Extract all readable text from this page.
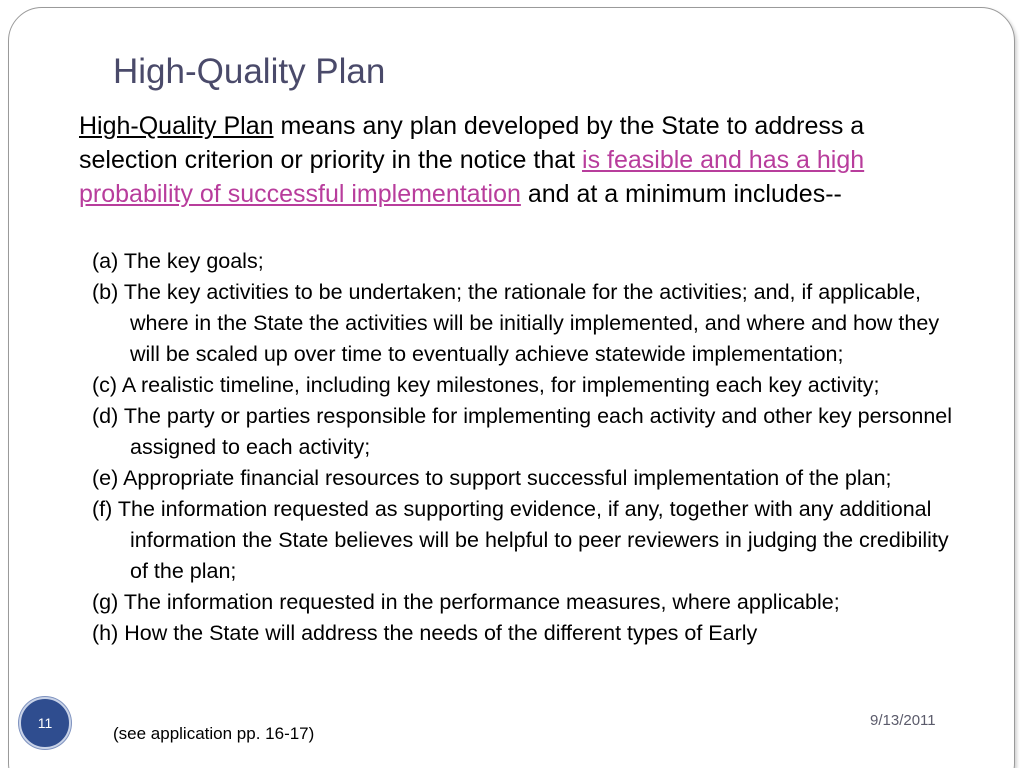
High-Quality Plan
High-Quality Plan means any plan developed by the State to address a selection criterion or priority in the notice that is feasible and has a high probability of successful implementation and at a minimum includes--
(a) The key goals;
(b) The key activities to be undertaken; the rationale for the activities; and, if applicable, where in the State the activities will be initially implemented, and where and how they will be scaled up over time to eventually achieve statewide implementation;
(c) A realistic timeline, including key milestones, for implementing each key activity;
(d) The party or parties responsible for implementing each activity and other key personnel assigned to each activity;
(e) Appropriate financial resources to support successful implementation of the plan;
(f) The information requested as supporting evidence, if any, together with any additional information the State believes will be helpful to peer reviewers in judging the credibility of the plan;
(g) The information requested in the performance measures, where applicable;
(h) How the State will address the needs of the different types of Early
11
(see application pp. 16-17)
9/13/2011
